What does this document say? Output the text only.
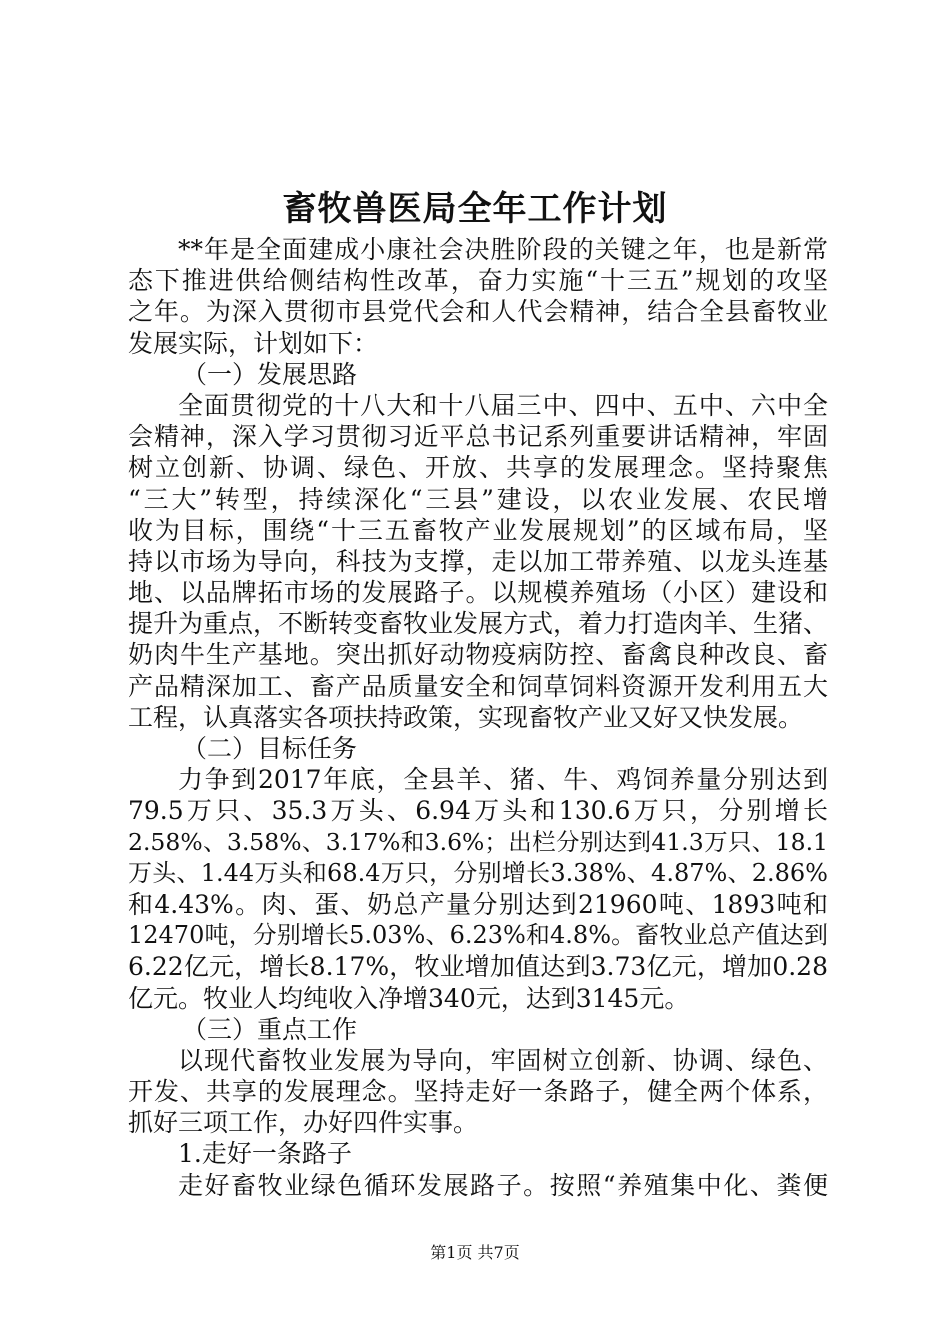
畜牧兽医局全年工作计划
**年是全面建成小康社会决胜阶段的关键之年，也是新常
态下推进供给侧结构性改革，奋力实施“十三五”规划的攻坚
之年。为深入贯彻市县党代会和人代会精神，结合全县畜牧业
发展实际，计划如下：
（一）发展思路
全面贯彻党的十八大和十八届三中、四中、五中、六中全
会精神，深入学习贯彻习近平总书记系列重要讲话精神，牢固
树立创新、协调、绿色、开放、共享的发展理念。坚持聚焦
“三大”转型，持续深化“三县”建设，以农业发展、农民增
收为目标，围绕“十三五畜牧产业发展规划”的区域布局，坚
持以市场为导向，科技为支撑，走以加工带养殖、以龙头连基
地、以品牌拓市场的发展路子。以规模养殖场（小区）建设和
提升为重点，不断转变畜牧业发展方式，着力打造肉羊、生猪、
奶肉牛生产基地。突出抓好动物疫病防控、畜禽良种改良、畜
产品精深加工、畜产品质量安全和饲草饲料资源开发利用五大
工程，认真落实各项扶持政策，实现畜牧产业又好又快发展。
（二）目标任务
力争到2017年底，全县羊、猪、牛、鸡饲养量分别达到
79.5万只、35.3万头、6.94万头和130.6万只，分别增长
2.58%、3.58%、3.17%和3.6%；出栏分别达到41.3万只、18.1
万头、1.44万头和68.4万只，分别增长3.38%、4.87%、2.86%
和4.43%。肉、蛋、奶总产量分别达到21960吨、1893吨和
12470吨，分别增长5.03%、6.23%和4.8%。畜牧业总产值达到
6.22亿元，增长8.17%，牧业增加值达到3.73亿元，增加0.28
亿元。牧业人均纯收入净增340元，达到3145元。
（三）重点工作
以现代畜牧业发展为导向，牢固树立创新、协调、绿色、
开发、共享的发展理念。坚持走好一条路子，健全两个体系，
抓好三项工作，办好四件实事。
1.走好一条路子
走好畜牧业绿色循环发展路子。按照“养殖集中化、粪便
第1页 共7页
